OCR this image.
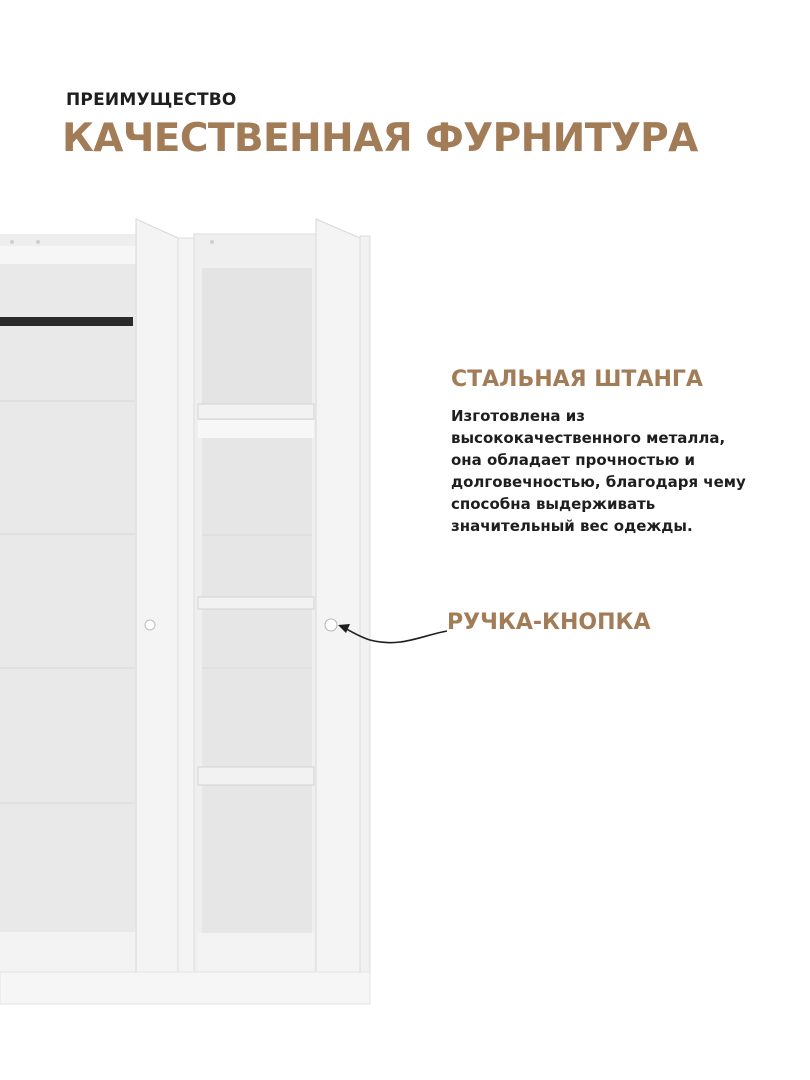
ПРЕИМУЩЕСТВО
КАЧЕСТВЕННАЯ ФУРНИТУРА
СТАЛЬНАЯ ШТАНГА
Изготовлена из
высококачественного металла,
она обладает прочностью и
долговечностью, благодаря чему
способна выдерживать
значительный вес одежды.
РУЧКА-КНОПКА
